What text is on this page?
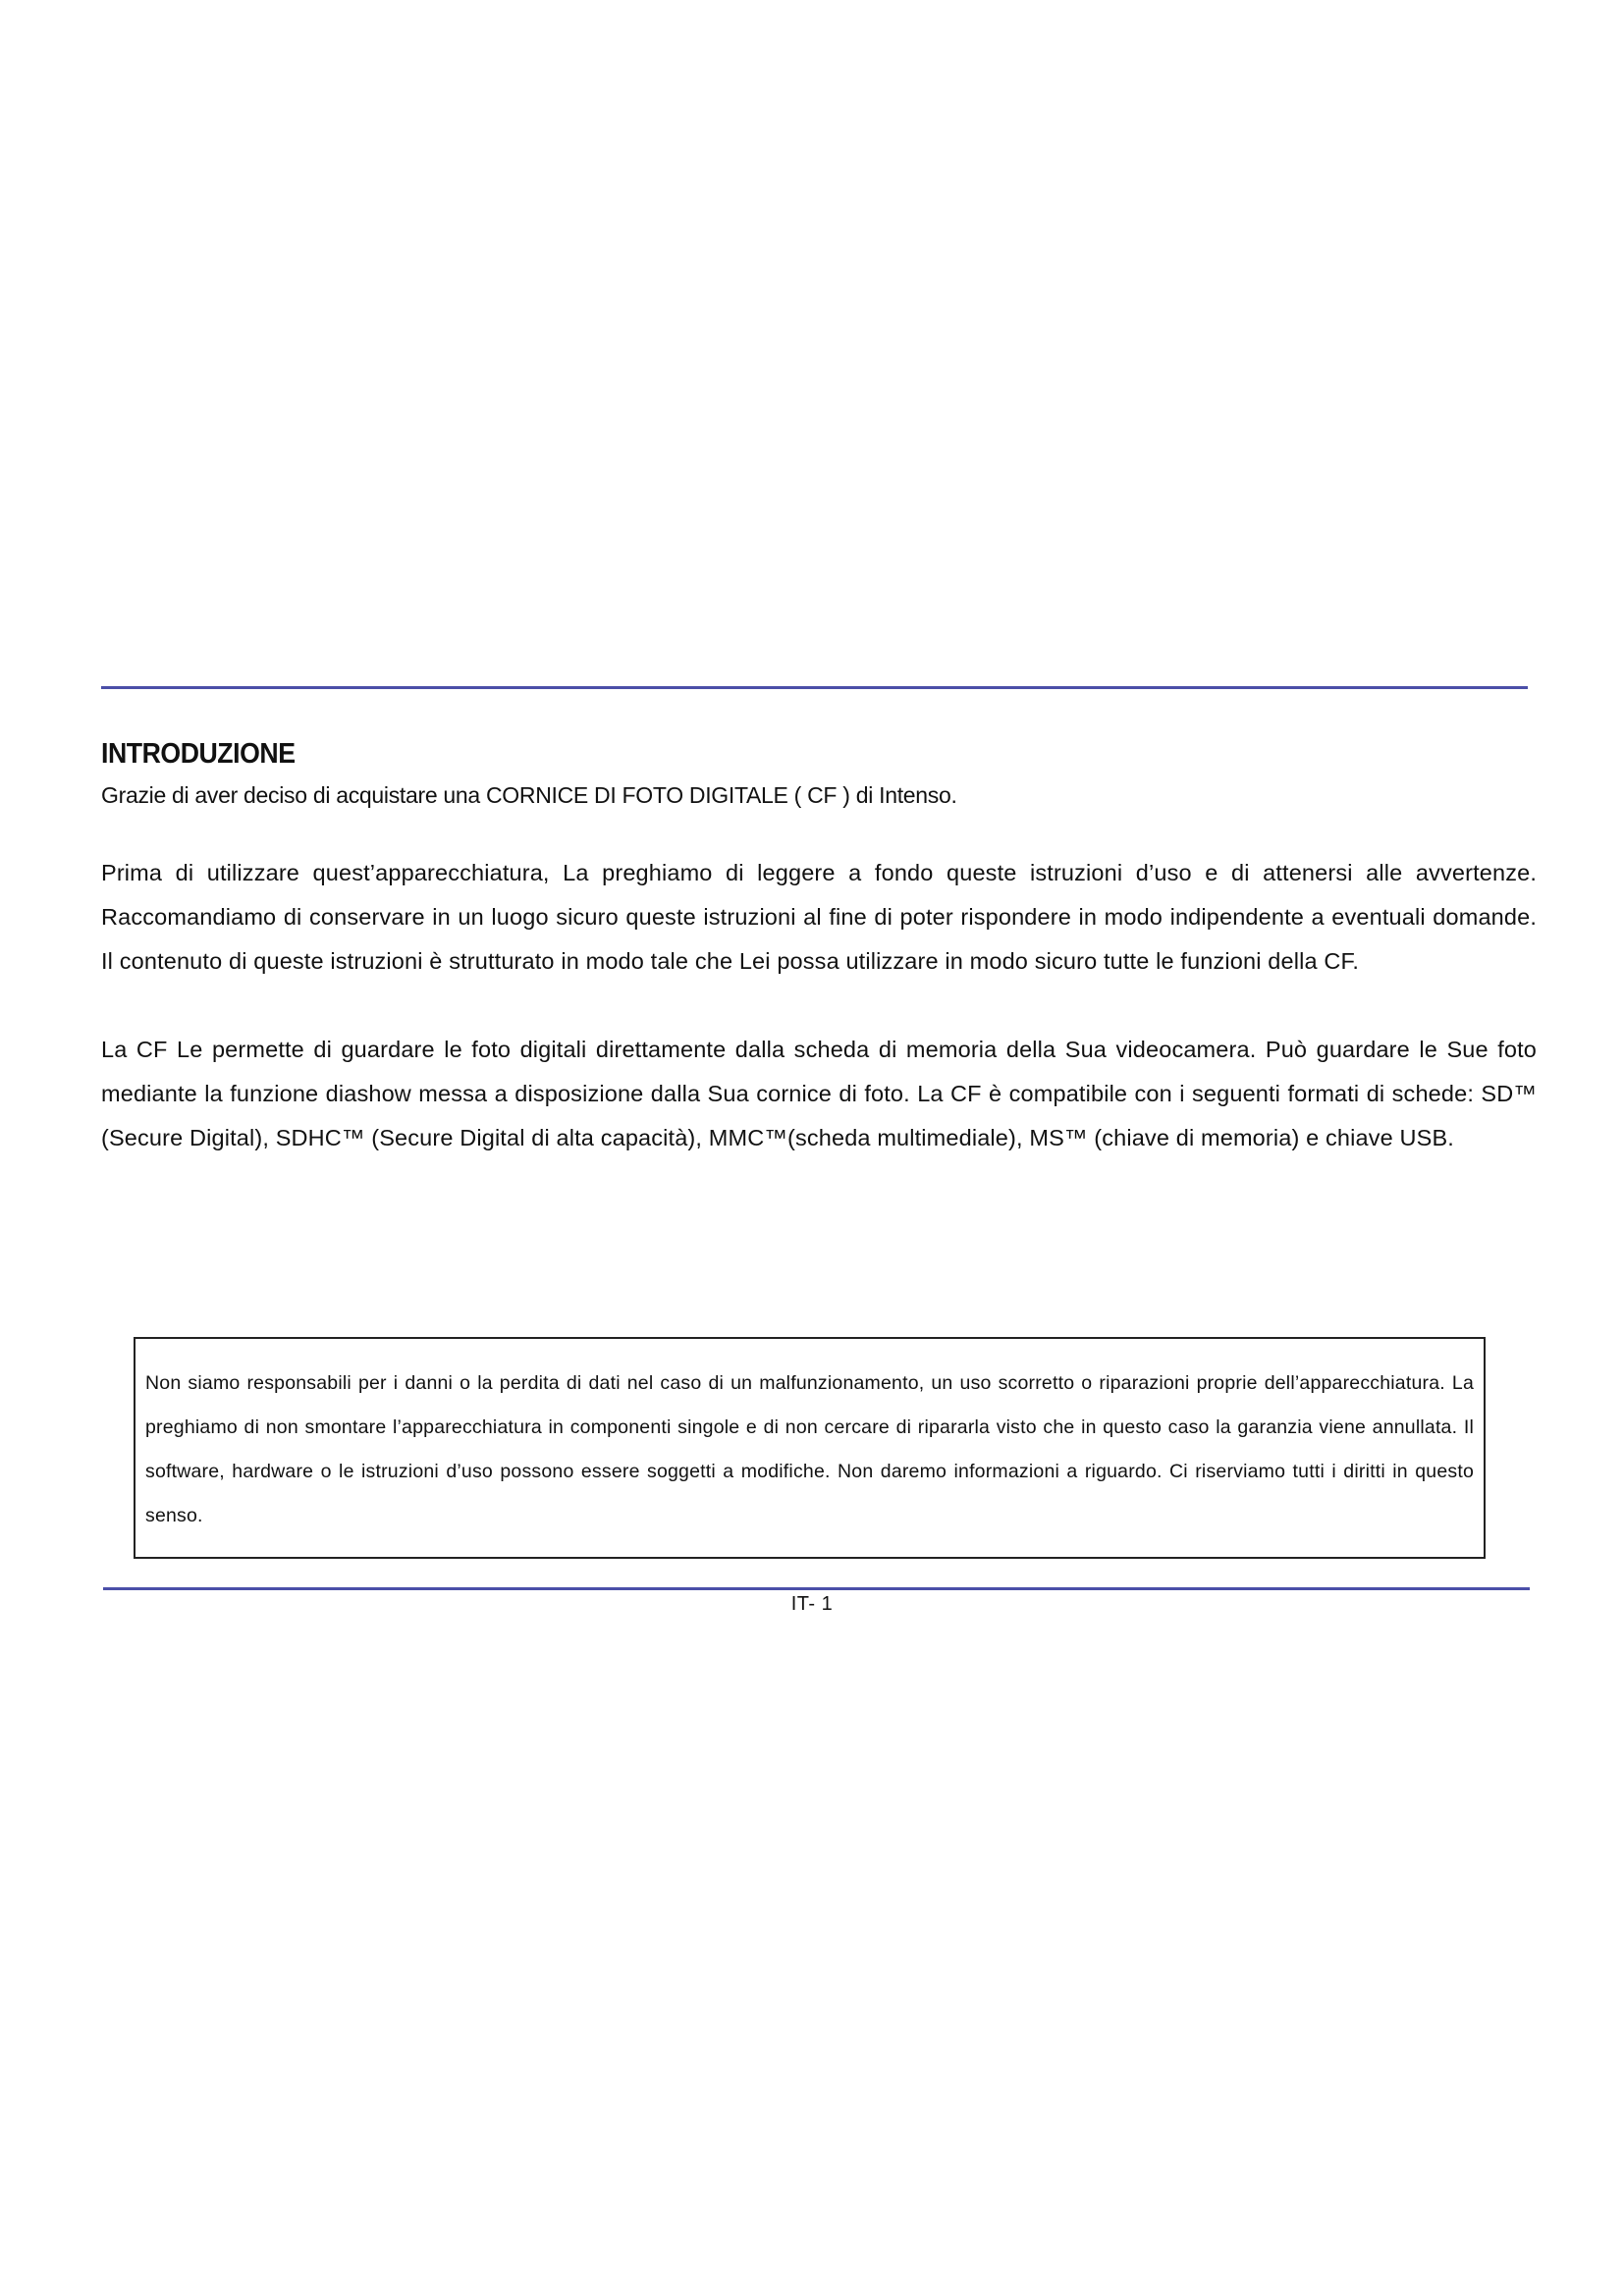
INTRODUZIONE

Grazie di aver deciso di acquistare una CORNICE DI FOTO DIGITALE ( CF ) di Intenso.

Prima di utilizzare quest’apparecchiatura, La preghiamo di leggere a fondo queste istruzioni d’uso e di attenersi alle avvertenze. Raccomandiamo di conservare in un luogo sicuro queste istruzioni al fine di poter rispondere in modo indipendente a eventuali domande. Il contenuto di queste istruzioni è strutturato in modo tale che Lei possa utilizzare in modo sicuro tutte le funzioni della CF.

La CF Le permette di guardare le foto digitali direttamente dalla scheda di memoria della Sua videocamera. Può guardare le Sue foto mediante la funzione diashow messa a disposizione dalla Sua cornice di foto. La CF è compatibile con i seguenti formati di schede: SD™ (Secure Digital), SDHC™ (Secure Digital di alta capacità), MMC™(scheda multimediale), MS™ (chiave di memoria) e chiave USB.

Non siamo responsabili per i danni o la perdita di dati nel caso di un malfunzionamento, un uso scorretto o riparazioni proprie dell’apparecchiatura. La preghiamo di non smontare l’apparecchiatura in componenti singole e di non cercare di ripararla visto che in questo caso la garanzia viene annullata. Il software, hardware o le istruzioni d’uso possono essere soggetti a modifiche. Non daremo informazioni a riguardo. Ci riserviamo tutti i diritti in questo senso.

IT- 1
